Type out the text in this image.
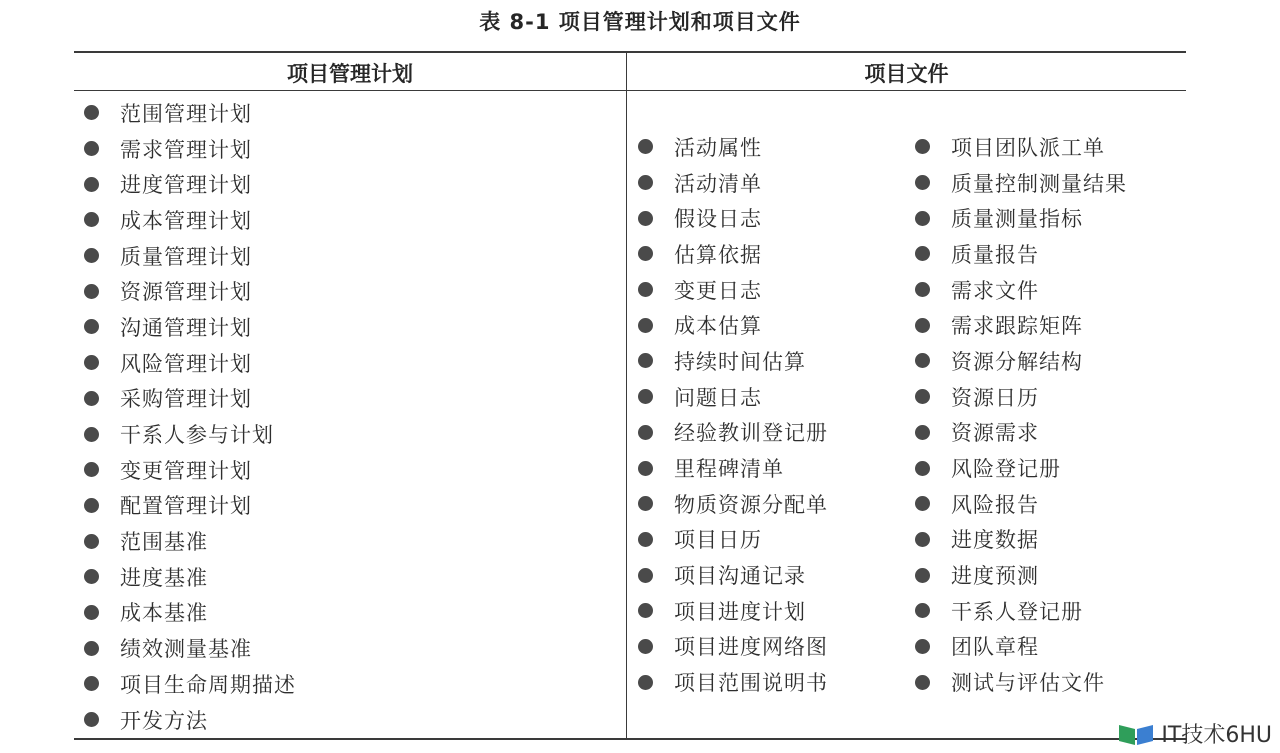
表 8-1 项目管理计划和项目文件
项目管理计划	项目文件
范围管理计划
需求管理计划
进度管理计划
成本管理计划
质量管理计划
资源管理计划
沟通管理计划
风险管理计划
采购管理计划
干系人参与计划
变更管理计划
配置管理计划
范围基准
进度基准
成本基准
绩效测量基准
项目生命周期描述
开发方法
活动属性
活动清单
假设日志
估算依据
变更日志
成本估算
持续时间估算
问题日志
经验教训登记册
里程碑清单
物质资源分配单
项目日历
项目沟通记录
项目进度计划
项目进度网络图
项目范围说明书
项目团队派工单
质量控制测量结果
质量测量指标
质量报告
需求文件
需求跟踪矩阵
资源分解结构
资源日历
资源需求
风险登记册
风险报告
进度数据
进度预测
干系人登记册
团队章程
测试与评估文件
IT技术6HU
